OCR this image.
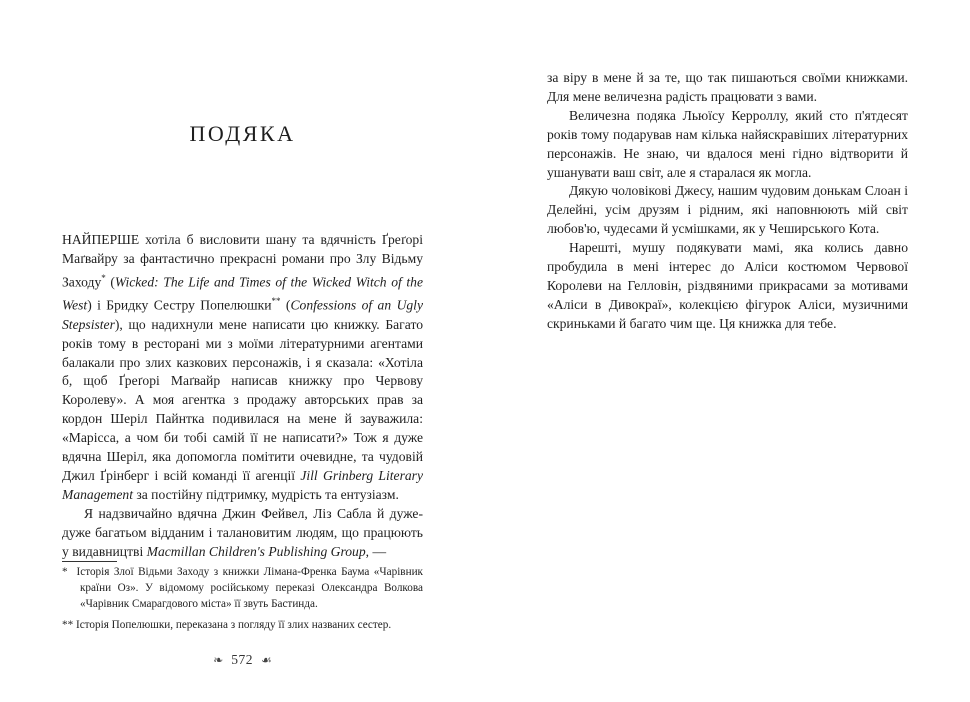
ПОДЯКА

НАЙПЕРШЕ хотіла б висловити шану та вдячність Ґреґорі Маґвайру за фантастично прекрасні романи про Злу Відьму Заходу* (Wicked: The Life and Times of the Wicked Witch of the West) і Бридку Сестру Попелюшки** (Confessions of an Ugly Stepsister), що надихнули мене написати цю книжку. Багато років тому в ресторані ми з моїми літературними агентами балакали про злих казкових персонажів, і я сказала: «Хотіла б, щоб Ґреґорі Маґвайр написав книжку про Червову Королеву». А моя агентка з продажу авторських прав за кордон Шеріл Пайнтка подивилася на мене й зауважила: «Марісса, а чом би тобі самій її не написати?» Тож я дуже вдячна Шеріл, яка допомогла помітити очевидне, та чудовій Джил Ґрінберг і всій команді її агенції Jill Grinberg Literary Management за постійну підтримку, мудрість та ентузіазм.

Я надзвичайно вдячна Джин Фейвел, Ліз Сабла й дуже-дуже багатьом відданим і талановитим людям, що працюють у видавництві Macmillan Children's Publishing Group, —

* Історія Злої Відьми Заходу з книжки Лімана-Френка Баума «Чарівник країни Оз». У відомому російському переказі Олександра Волкова «Чарівник Смарагдового міста» її звуть Бастинда.

** Історія Попелюшки, переказана з погляду її злих названих сестер.

❧ 572 ☙

за віру в мене й за те, що так пишаються своїми книжками. Для мене величезна радість працювати з вами.

Величезна подяка Льюїсу Керроллу, який сто п'ятдесят років тому подарував нам кілька найяскравіших літературних персонажів. Не знаю, чи вдалося мені гідно відтворити й ушанувати ваш світ, але я старалася як могла.

Дякую чоловікові Джесу, нашим чудовим донькам Слоан і Делейні, усім друзям і рідним, які наповнюють мій світ любов'ю, чудесами й усмішками, як у Чеширського Кота.

Нарешті, мушу подякувати мамі, яка колись давно пробудила в мені інтерес до Аліси костюмом Червової Королеви на Гелловін, різдвяними прикрасами за мотивами «Аліси в Дивокраї», колекцією фігурок Аліси, музичними скриньками й багато чим ще. Ця книжка для тебе.
